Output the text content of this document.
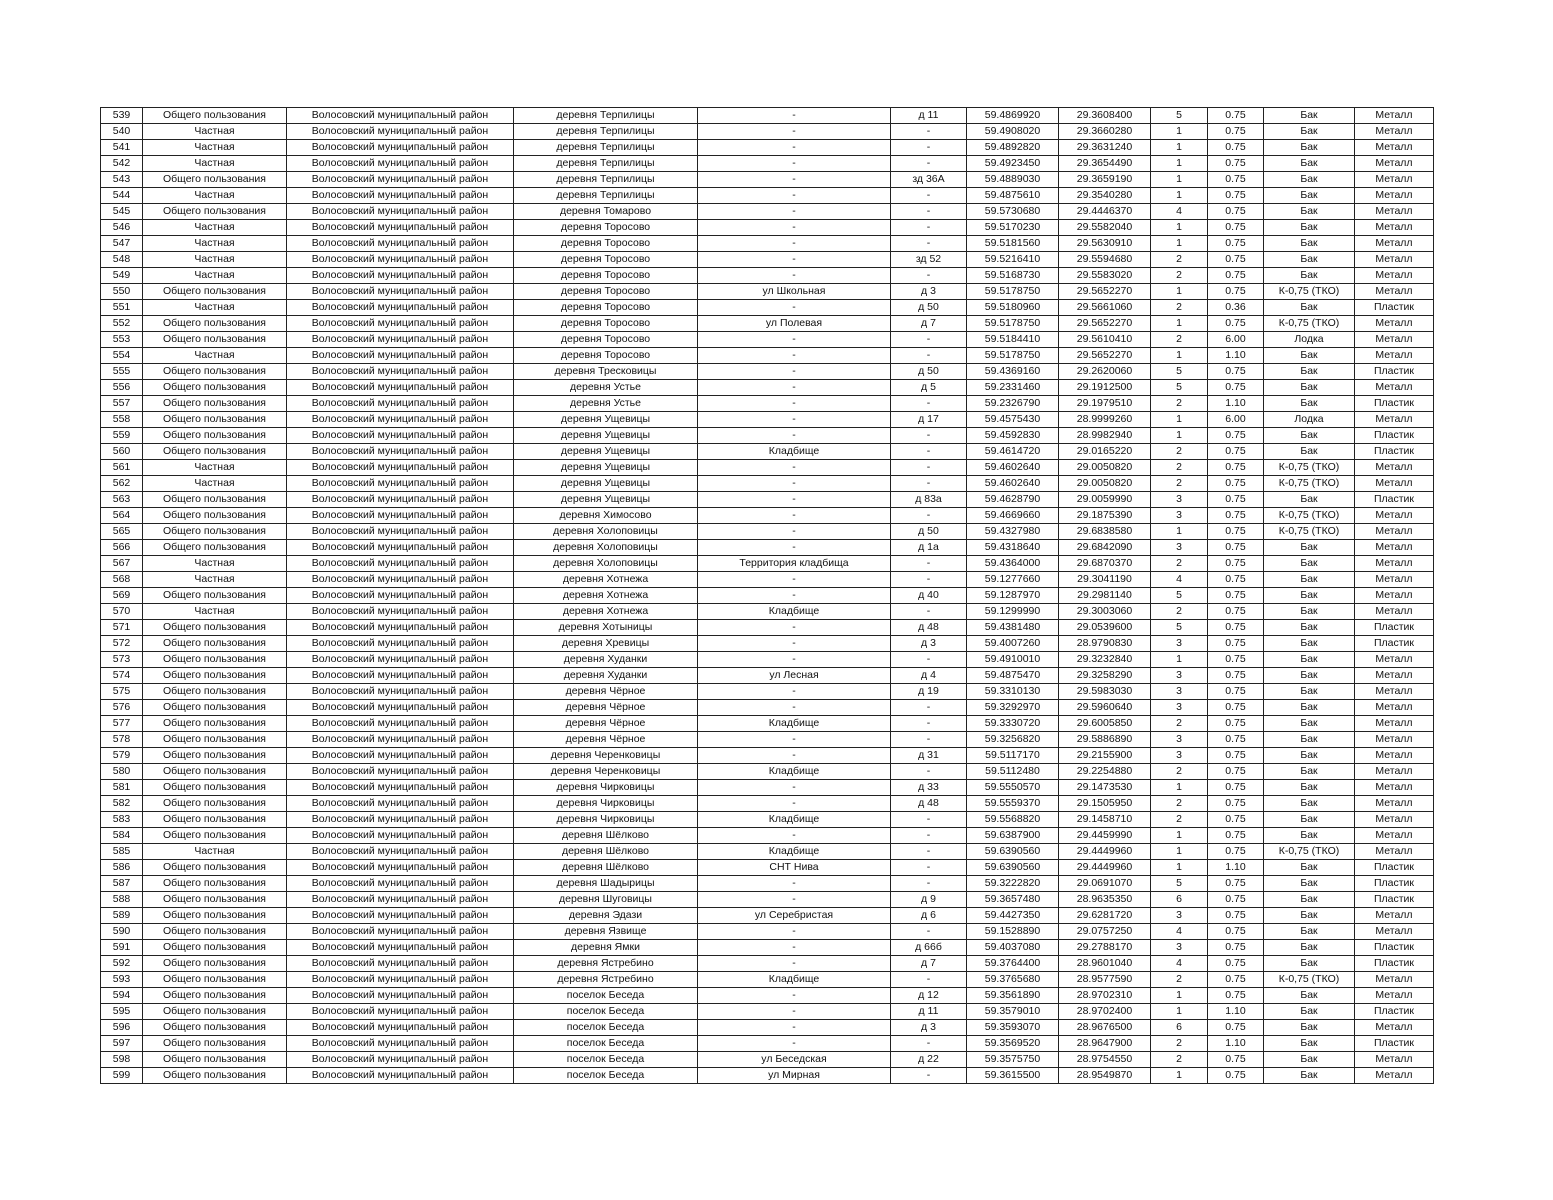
539	Общего пользования	Волосовский муниципальный район	деревня Терпилицы	-	д 11	59.4869920	29.3608400	5	0.75	Бак	Металл
540	Частная	Волосовский муниципальный район	деревня Терпилицы	-	-	59.4908020	29.3660280	1	0.75	Бак	Металл
541	Частная	Волосовский муниципальный район	деревня Терпилицы	-	-	59.4892820	29.3631240	1	0.75	Бак	Металл
542	Частная	Волосовский муниципальный район	деревня Терпилицы	-	-	59.4923450	29.3654490	1	0.75	Бак	Металл
543	Общего пользования	Волосовский муниципальный район	деревня Терпилицы	-	зд 36А	59.4889030	29.3659190	1	0.75	Бак	Металл
544	Частная	Волосовский муниципальный район	деревня Терпилицы	-	-	59.4875610	29.3540280	1	0.75	Бак	Металл
545	Общего пользования	Волосовский муниципальный район	деревня Томарово	-	-	59.5730680	29.4446370	4	0.75	Бак	Металл
546	Частная	Волосовский муниципальный район	деревня Торосово	-	-	59.5170230	29.5582040	1	0.75	Бак	Металл
547	Частная	Волосовский муниципальный район	деревня Торосово	-	-	59.5181560	29.5630910	1	0.75	Бак	Металл
548	Частная	Волосовский муниципальный район	деревня Торосово	-	зд 52	59.5216410	29.5594680	2	0.75	Бак	Металл
549	Частная	Волосовский муниципальный район	деревня Торосово	-	-	59.5168730	29.5583020	2	0.75	Бак	Металл
550	Общего пользования	Волосовский муниципальный район	деревня Торосово	ул Школьная	д 3	59.5178750	29.5652270	1	0.75	К-0,75 (ТКО)	Металл
551	Частная	Волосовский муниципальный район	деревня Торосово	-	д 50	59.5180960	29.5661060	2	0.36	Бак	Пластик
552	Общего пользования	Волосовский муниципальный район	деревня Торосово	ул Полевая	д 7	59.5178750	29.5652270	1	0.75	К-0,75 (ТКО)	Металл
553	Общего пользования	Волосовский муниципальный район	деревня Торосово	-	-	59.5184410	29.5610410	2	6.00	Лодка	Металл
554	Частная	Волосовский муниципальный район	деревня Торосово	-	-	59.5178750	29.5652270	1	1.10	Бак	Металл
555	Общего пользования	Волосовский муниципальный район	деревня Тресковицы	-	д 50	59.4369160	29.2620060	5	0.75	Бак	Пластик
556	Общего пользования	Волосовский муниципальный район	деревня Устье	-	д 5	59.2331460	29.1912500	5	0.75	Бак	Металл
557	Общего пользования	Волосовский муниципальный район	деревня Устье	-	-	59.2326790	29.1979510	2	1.10	Бак	Пластик
558	Общего пользования	Волосовский муниципальный район	деревня Ущевицы	-	д 17	59.4575430	28.9999260	1	6.00	Лодка	Металл
559	Общего пользования	Волосовский муниципальный район	деревня Ущевицы	-	-	59.4592830	28.9982940	1	0.75	Бак	Пластик
560	Общего пользования	Волосовский муниципальный район	деревня Ущевицы	Кладбище	-	59.4614720	29.0165220	2	0.75	Бак	Пластик
561	Частная	Волосовский муниципальный район	деревня Ущевицы	-	-	59.4602640	29.0050820	2	0.75	К-0,75 (ТКО)	Металл
562	Частная	Волосовский муниципальный район	деревня Ущевицы	-	-	59.4602640	29.0050820	2	0.75	К-0,75 (ТКО)	Металл
563	Общего пользования	Волосовский муниципальный район	деревня Ущевицы	-	д 83а	59.4628790	29.0059990	3	0.75	Бак	Пластик
564	Общего пользования	Волосовский муниципальный район	деревня Химосово	-	-	59.4669660	29.1875390	3	0.75	К-0,75 (ТКО)	Металл
565	Общего пользования	Волосовский муниципальный район	деревня Холоповицы	-	д 50	59.4327980	29.6838580	1	0.75	К-0,75 (ТКО)	Металл
566	Общего пользования	Волосовский муниципальный район	деревня Холоповицы	-	д 1а	59.4318640	29.6842090	3	0.75	Бак	Металл
567	Частная	Волосовский муниципальный район	деревня Холоповицы	Территория кладбища	-	59.4364000	29.6870370	2	0.75	Бак	Металл
568	Частная	Волосовский муниципальный район	деревня Хотнежа	-	-	59.1277660	29.3041190	4	0.75	Бак	Металл
569	Общего пользования	Волосовский муниципальный район	деревня Хотнежа	-	д 40	59.1287970	29.2981140	5	0.75	Бак	Металл
570	Частная	Волосовский муниципальный район	деревня Хотнежа	Кладбище	-	59.1299990	29.3003060	2	0.75	Бак	Металл
571	Общего пользования	Волосовский муниципальный район	деревня Хотыницы	-	д 48	59.4381480	29.0539600	5	0.75	Бак	Пластик
572	Общего пользования	Волосовский муниципальный район	деревня Хревицы	-	д 3	59.4007260	28.9790830	3	0.75	Бак	Пластик
573	Общего пользования	Волосовский муниципальный район	деревня Худанки	-	-	59.4910010	29.3232840	1	0.75	Бак	Металл
574	Общего пользования	Волосовский муниципальный район	деревня Худанки	ул Лесная	д 4	59.4875470	29.3258290	3	0.75	Бак	Металл
575	Общего пользования	Волосовский муниципальный район	деревня Чёрное	-	д 19	59.3310130	29.5983030	3	0.75	Бак	Металл
576	Общего пользования	Волосовский муниципальный район	деревня Чёрное	-	-	59.3292970	29.5960640	3	0.75	Бак	Металл
577	Общего пользования	Волосовский муниципальный район	деревня Чёрное	Кладбище	-	59.3330720	29.6005850	2	0.75	Бак	Металл
578	Общего пользования	Волосовский муниципальный район	деревня Чёрное	-	-	59.3256820	29.5886890	3	0.75	Бак	Металл
579	Общего пользования	Волосовский муниципальный район	деревня Черенковицы	-	д 31	59.5117170	29.2155900	3	0.75	Бак	Металл
580	Общего пользования	Волосовский муниципальный район	деревня Черенковицы	Кладбище	-	59.5112480	29.2254880	2	0.75	Бак	Металл
581	Общего пользования	Волосовский муниципальный район	деревня Чирковицы	-	д 33	59.5550570	29.1473530	1	0.75	Бак	Металл
582	Общего пользования	Волосовский муниципальный район	деревня Чирковицы	-	д 48	59.5559370	29.1505950	2	0.75	Бак	Металл
583	Общего пользования	Волосовский муниципальный район	деревня Чирковицы	Кладбище	-	59.5568820	29.1458710	2	0.75	Бак	Металл
584	Общего пользования	Волосовский муниципальный район	деревня Шёлково	-	-	59.6387900	29.4459990	1	0.75	Бак	Металл
585	Частная	Волосовский муниципальный район	деревня Шёлково	Кладбище	-	59.6390560	29.4449960	1	0.75	К-0,75 (ТКО)	Металл
586	Общего пользования	Волосовский муниципальный район	деревня Шёлково	СНТ Нива	-	59.6390560	29.4449960	1	1.10	Бак	Пластик
587	Общего пользования	Волосовский муниципальный район	деревня Шадырицы	-	-	59.3222820	29.0691070	5	0.75	Бак	Пластик
588	Общего пользования	Волосовский муниципальный район	деревня Шуговицы	-	д 9	59.3657480	28.9635350	6	0.75	Бак	Пластик
589	Общего пользования	Волосовский муниципальный район	деревня Эдази	ул Серебристая	д 6	59.4427350	29.6281720	3	0.75	Бак	Металл
590	Общего пользования	Волосовский муниципальный район	деревня Язвище	-	-	59.1528890	29.0757250	4	0.75	Бак	Металл
591	Общего пользования	Волосовский муниципальный район	деревня Ямки	-	д 66б	59.4037080	29.2788170	3	0.75	Бак	Пластик
592	Общего пользования	Волосовский муниципальный район	деревня Ястребино	-	д 7	59.3764400	28.9601040	4	0.75	Бак	Пластик
593	Общего пользования	Волосовский муниципальный район	деревня Ястребино	Кладбище	-	59.3765680	28.9577590	2	0.75	К-0,75 (ТКО)	Металл
594	Общего пользования	Волосовский муниципальный район	поселок Беседа	-	д 12	59.3561890	28.9702310	1	0.75	Бак	Металл
595	Общего пользования	Волосовский муниципальный район	поселок Беседа	-	д 11	59.3579010	28.9702400	1	1.10	Бак	Пластик
596	Общего пользования	Волосовский муниципальный район	поселок Беседа	-	д 3	59.3593070	28.9676500	6	0.75	Бак	Металл
597	Общего пользования	Волосовский муниципальный район	поселок Беседа	-	-	59.3569520	28.9647900	2	1.10	Бак	Пластик
598	Общего пользования	Волосовский муниципальный район	поселок Беседа	ул Беседская	д 22	59.3575750	28.9754550	2	0.75	Бак	Металл
599	Общего пользования	Волосовский муниципальный район	поселок Беседа	ул Мирная	-	59.3615500	28.9549870	1	0.75	Бак	Металл
